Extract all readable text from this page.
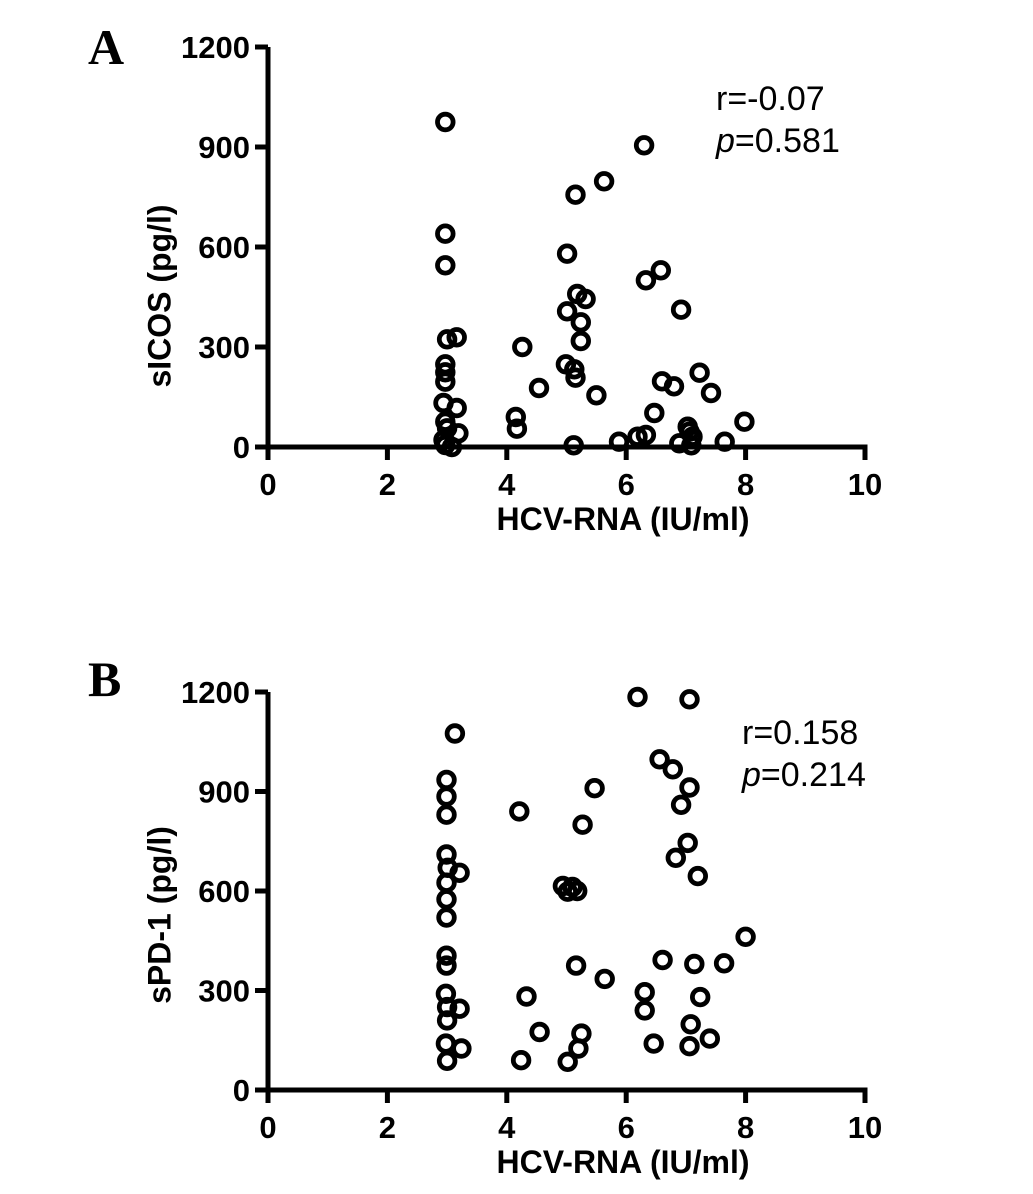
A
B
0
300
600
900
1200
0	2	4	6	8	10
0
300
600
900
1200
0	2	4	6	8	10
sICOS (pg/l)
sPD-1 (pg/l)
HCV-RNA (IU/ml)
HCV-RNA (IU/ml)
r=-0.07
p=0.581
r=0.158
p=0.214
